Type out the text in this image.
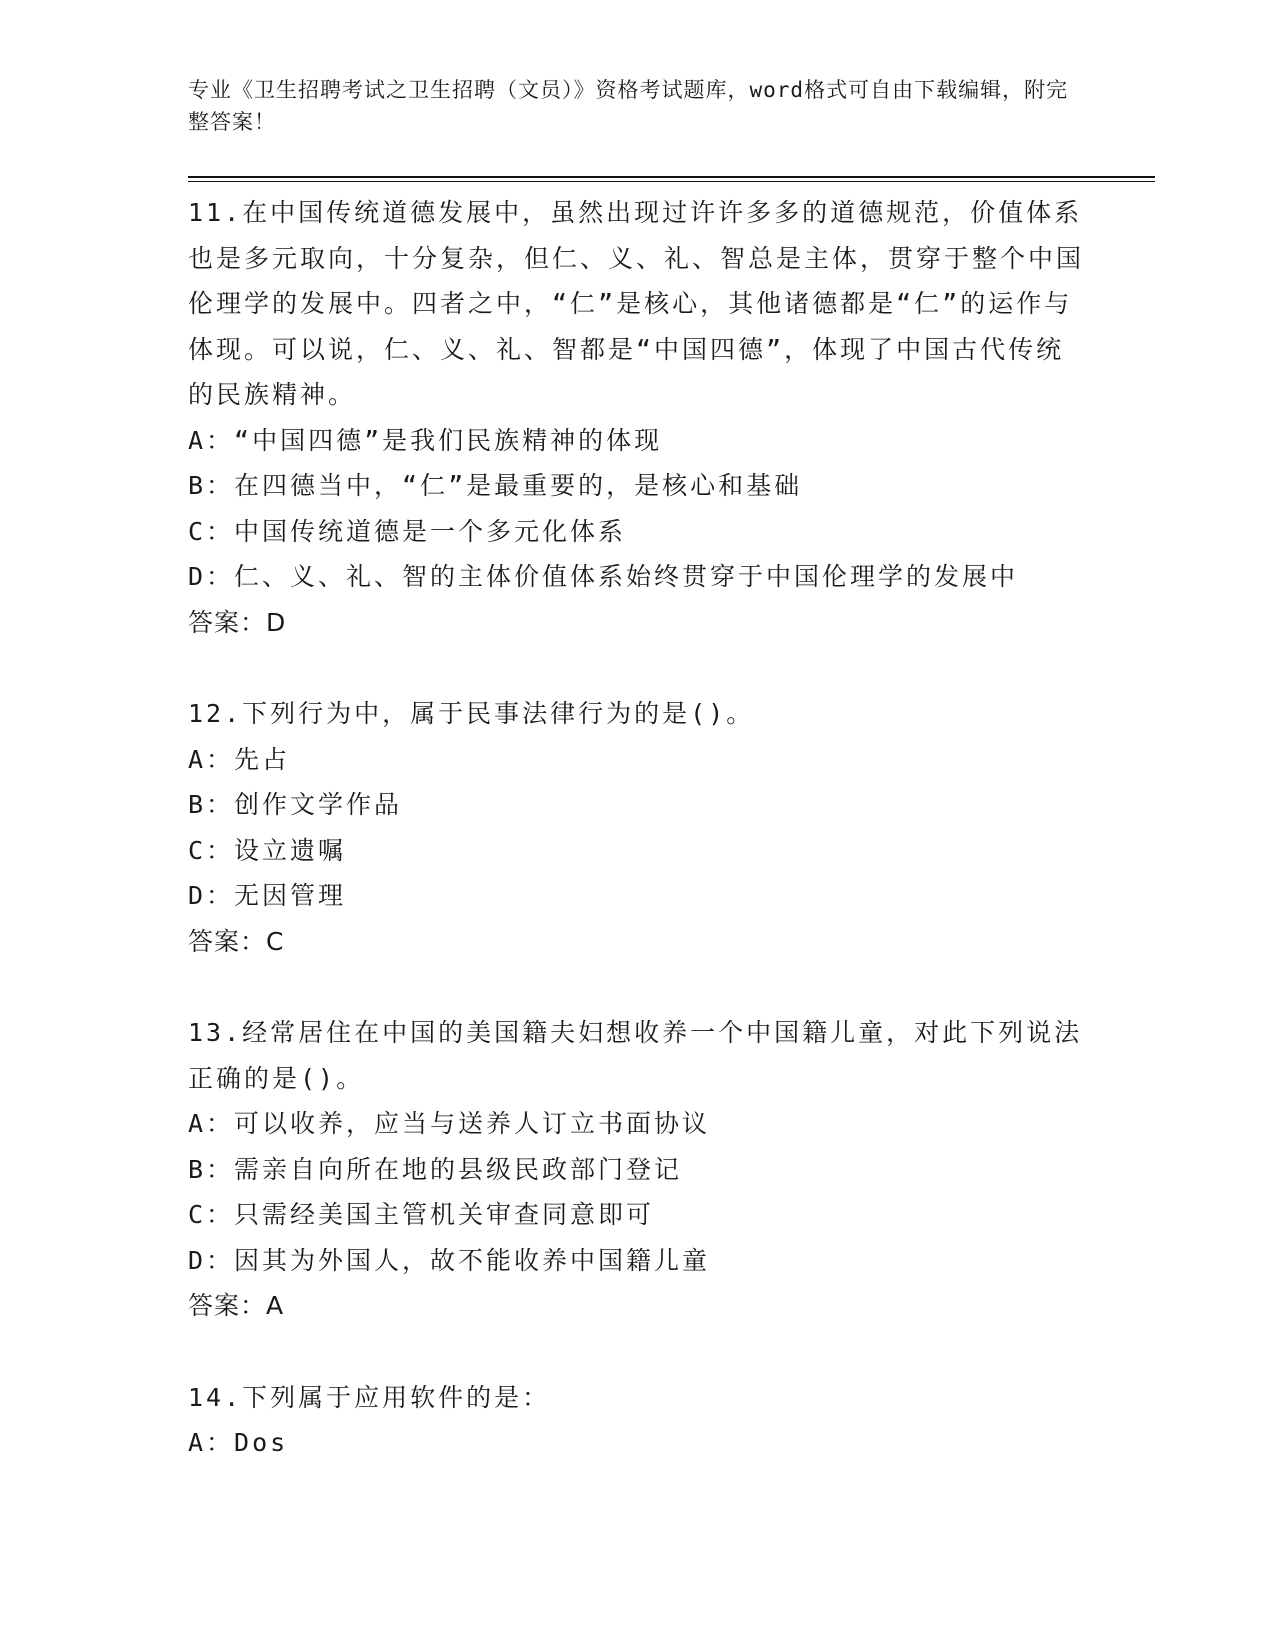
专业《卫生招聘考试之卫生招聘（文员）》资格考试题库，word格式可自由下载编辑，附完整答案！

11.在中国传统道德发展中，虽然出现过许许多多的道德规范，价值体系也是多元取向，十分复杂，但仁、义、礼、智总是主体，贯穿于整个中国伦理学的发展中。四者之中，“仁”是核心，其他诸德都是“仁”的运作与体现。可以说，仁、义、礼、智都是“中国四德”，体现了中国古代传统的民族精神。

A：“中国四德”是我们民族精神的体现

B：在四德当中，“仁”是最重要的，是核心和基础

C：中国传统道德是一个多元化体系

D：仁、义、礼、智的主体价值体系始终贯穿于中国伦理学的发展中

答案：D

12.下列行为中，属于民事法律行为的是()。

A：先占

B：创作文学作品

C：设立遗嘱

D：无因管理

答案：C

13.经常居住在中国的美国籍夫妇想收养一个中国籍儿童，对此下列说法正确的是()。

A：可以收养，应当与送养人订立书面协议

B：需亲自向所在地的县级民政部门登记

C：只需经美国主管机关审查同意即可

D：因其为外国人，故不能收养中国籍儿童

答案：A

14.下列属于应用软件的是：

A：Dos
